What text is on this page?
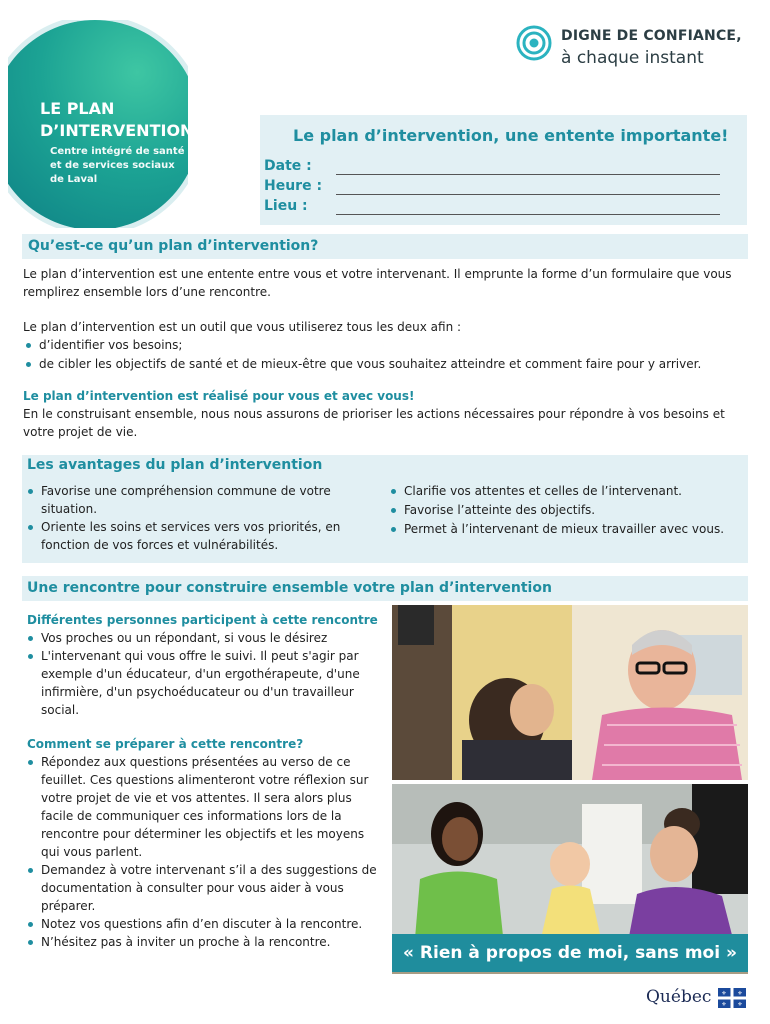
LE PLAN
D’INTERVENTION
Centre intégré de santé
et de services sociaux
de Laval
DIGNE DE CONFIANCE,
à chaque instant
Le plan d’intervention, une entente importante!
Date :
Heure :
Lieu :
Qu’est-ce qu’un plan d’intervention?
Le plan d’intervention est une entente entre vous et votre intervenant. Il emprunte la forme d’un formulaire que vous
remplirez ensemble lors d’une rencontre.
Le plan d’intervention est un outil que vous utiliserez tous les deux afin :
d’identifier vos besoins;
de cibler les objectifs de santé et de mieux-être que vous souhaitez atteindre et comment faire pour y arriver.
Le plan d’intervention est réalisé pour vous et avec vous!
En le construisant ensemble, nous nous assurons de prioriser les actions nécessaires pour répondre à vos besoins et
votre projet de vie.
Les avantages du plan d’intervention
Favorise une compréhension commune de votre
situation.
Oriente les soins et services vers vos priorités, en
fonction de vos forces et vulnérabilités.
Clarifie vos attentes et celles de l’intervenant.
Favorise l’atteinte des objectifs.
Permet à l’intervenant de mieux travailler avec vous.
Une rencontre pour construire ensemble votre plan d’intervention
Différentes personnes participent à cette rencontre
Vos proches ou un répondant, si vous le désirez
L'intervenant qui vous offre le suivi. Il peut s'agir par
exemple d'un éducateur, d'un ergothérapeute, d'une
infirmière, d'un psychoéducateur ou d'un travailleur
social.
Comment se préparer à cette rencontre?
Répondez aux questions présentées au verso de ce
feuillet. Ces questions alimenteront votre réflexion sur
votre projet de vie et vos attentes. Il sera alors plus
facile de communiquer ces informations lors de la
rencontre pour déterminer les objectifs et les moyens
qui vous parlent.
Demandez à votre intervenant s’il a des suggestions de
documentation à consulter pour vous aider à vous
préparer.
Notez vos questions afin d’en discuter à la rencontre.
N’hésitez pas à inviter un proche à la rencontre.
« Rien à propos de moi, sans moi »
Québec ⚜ ⚜
⚜ ⚜
